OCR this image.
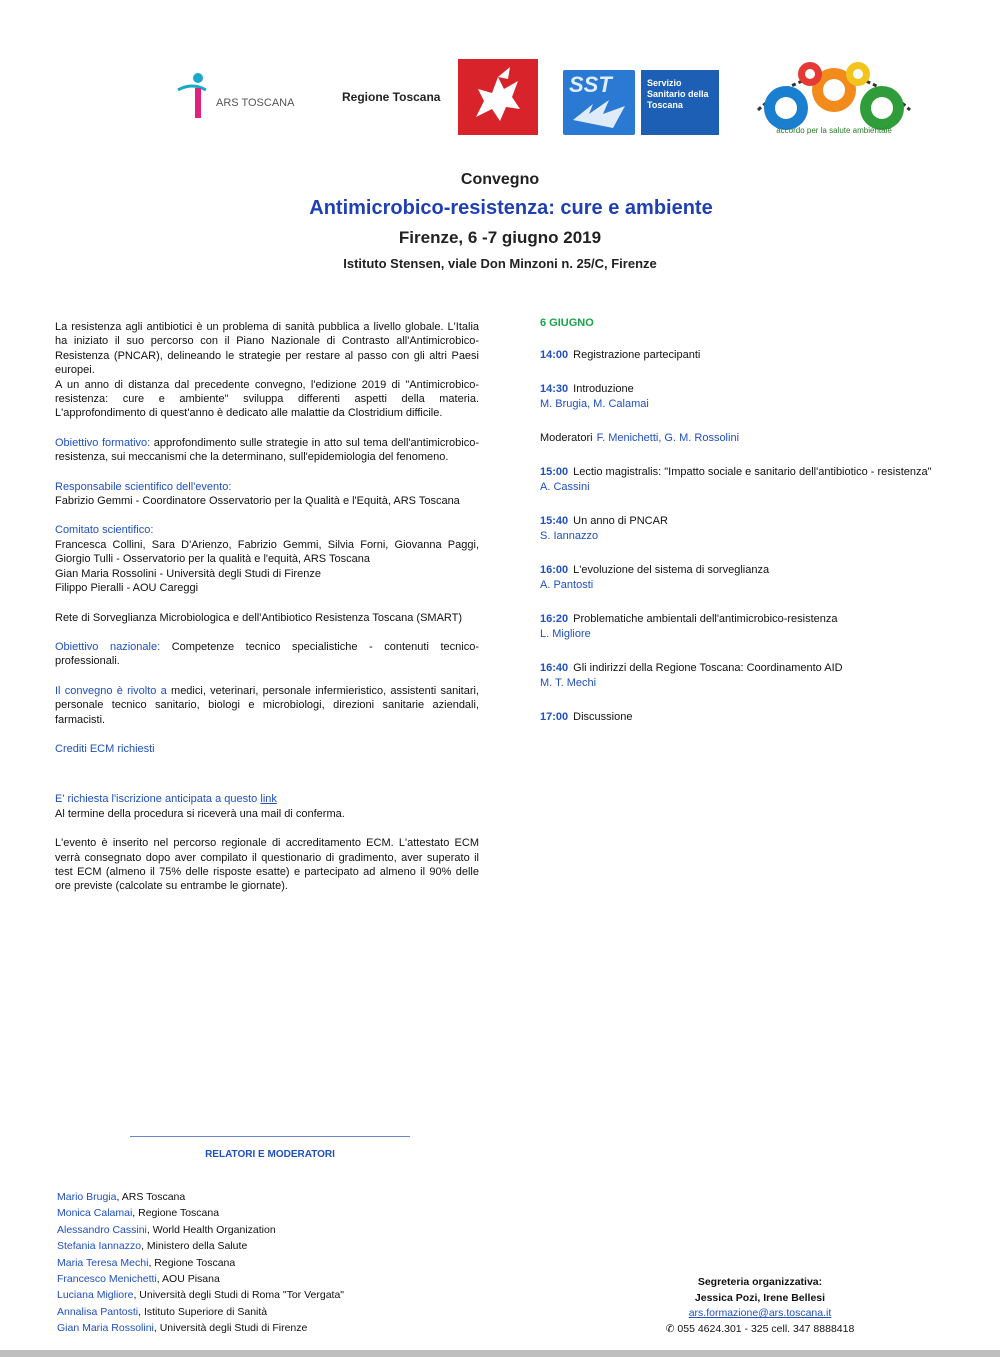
ARS TOSCANA	Regione Toscana	SST	Servizio Sanitario della Toscana
accordo per la salute ambientale
Convegno
Antimicrobico-resistenza: cure e ambiente
Firenze, 6 -7 giugno 2019
Istituto Stensen, viale Don Minzoni n. 25/C, Firenze

La resistenza agli antibiotici è un problema di sanità pubblica a livello globale. L'Italia ha iniziato il suo percorso con il Piano Nazionale di Contrasto all'Antimicrobico- Resistenza (PNCAR), delineando le strategie per restare al passo con gli altri Paesi europei.
A un anno di distanza dal precedente convegno, l'edizione 2019 di "Antimicrobico-resistenza: cure e ambiente" sviluppa differenti aspetti della materia. L'approfondimento di quest'anno è dedicato alle malattie da Clostridium difficile.

Obiettivo formativo: approfondimento sulle strategie in atto sul tema dell'antimicrobico-resistenza, sui meccanismi che la determinano, sull'epidemiologia del fenomeno.

Responsabile scientifico dell'evento:
Fabrizio Gemmi - Coordinatore Osservatorio per la Qualità e l'Equità, ARS Toscana

Comitato scientifico:
Francesca Collini, Sara D'Arienzo, Fabrizio Gemmi, Silvia Forni, Giovanna Paggi, Giorgio Tulli - Osservatorio per la qualità e l'equità, ARS Toscana
Gian Maria Rossolini - Università degli Studi di Firenze
Filippo Pieralli - AOU Careggi

Rete di Sorveglianza Microbiologica e dell'Antibiotico Resistenza Toscana (SMART)

Obiettivo nazionale: Competenze tecnico specialistiche - contenuti tecnico-professionali.

Il convegno è rivolto a medici, veterinari, personale infermieristico, assistenti sanitari, personale tecnico sanitario, biologi e microbiologi, direzioni sanitarie aziendali, farmacisti.

Crediti ECM richiesti

E' richiesta l'iscrizione anticipata a questo link
Al termine della procedura si riceverà una mail di conferma.

L'evento è inserito nel percorso regionale di accreditamento ECM. L'attestato ECM verrà consegnato dopo aver compilato il questionario di gradimento, aver superato il test ECM (almeno il 75% delle risposte esatte) e partecipato ad almeno il 90% delle ore previste (calcolate su entrambe le giornate).

6 GIUGNO
14:00 Registrazione partecipanti
14:30 Introduzione
M. Brugia, M. Calamai
Moderatori F. Menichetti, G. M. Rossolini
15:00 Lectio magistralis: "Impatto sociale e sanitario dell'antibiotico - resistenza"
A. Cassini
15:40 Un anno di PNCAR
S. Iannazzo
16:00 L'evoluzione del sistema di sorveglianza
A. Pantosti
16:20 Problematiche ambientali dell'antimicrobico-resistenza
L. Migliore
16:40 Gli indirizzi della Regione Toscana: Coordinamento AID
M. T. Mechi
17:00 Discussione
RELATORI E MODERATORI
Mario Brugia, ARS Toscana
Monica Calamai, Regione Toscana
Alessandro Cassini, World Health Organization
Stefania Iannazzo, Ministero della Salute
Maria Teresa Mechi, Regione Toscana
Francesco Menichetti, AOU Pisana
Luciana Migliore, Università degli Studi di Roma "Tor Vergata"
Annalisa Pantosti, Istituto Superiore di Sanità
Gian Maria Rossolini, Università degli Studi di Firenze
Segreteria organizzativa:
Jessica Pozi, Irene Bellesi
ars.formazione@ars.toscana.it
✆ 055 4624.301 - 325 cell. 347 8888418
